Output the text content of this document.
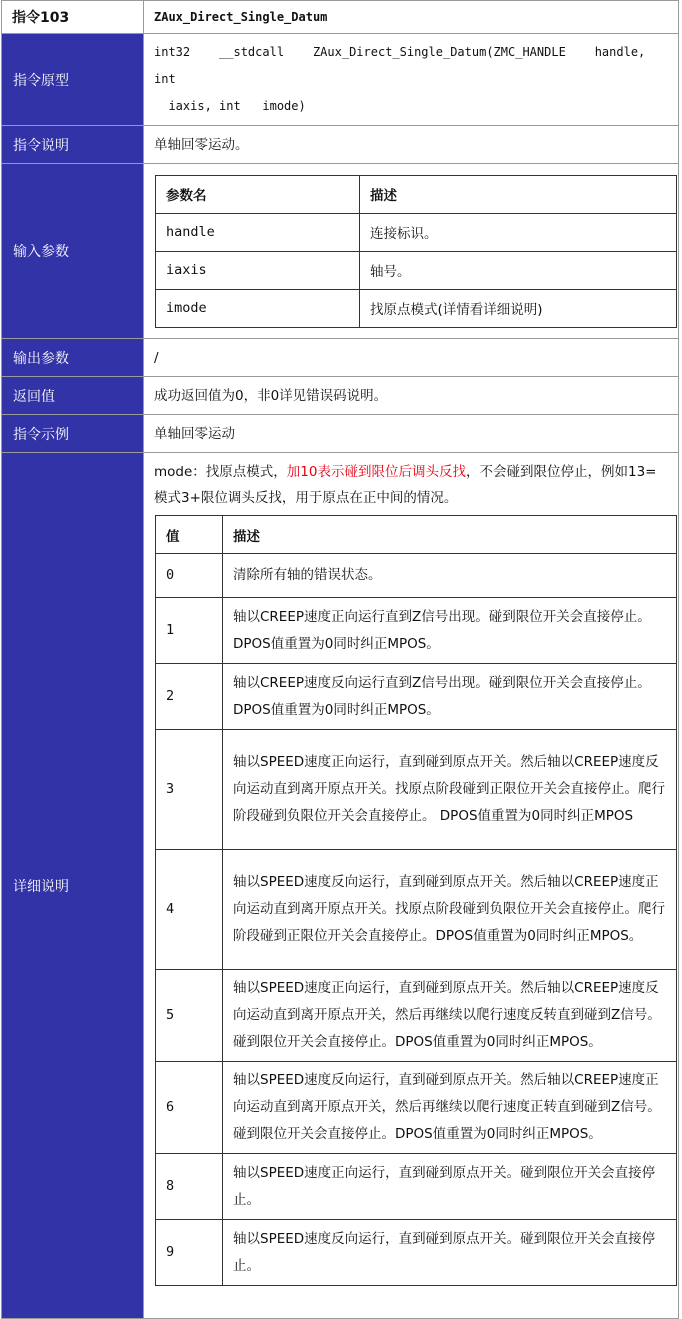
指令103	ZAux_Direct_Single_Datum
指令原型	int32    __stdcall    ZAux_Direct_Single_Datum(ZMC_HANDLE    handle, int
iaxis, int   imode)
指令说明	单轴回零运动。
输入参数	
参数名	描述
handle	连接标识。
iaxis	轴号。
imode	找原点模式(详情看详细说明)

输出参数	/
返回值	成功返回值为0，非0详见错误码说明。
指令示例	单轴回零运动
详细说明	
mode：找原点模式，加10表示碰到限位后调头反找，不会碰到限位停止，例如13=模式3+限位调头反找，用于原点在正中间的情况。
值	描述
0	清除所有轴的错误状态。
1	轴以CREEP速度正向运行直到Z信号出现。碰到限位开关会直接停止。DPOS值重置为0同时纠正MPOS。
2	轴以CREEP速度反向运行直到Z信号出现。碰到限位开关会直接停止。DPOS值重置为0同时纠正MPOS。
3	轴以SPEED速度正向运行，直到碰到原点开关。然后轴以CREEP速度反向运动直到离开原点开关。找原点阶段碰到正限位开关会直接停止。爬行阶段碰到负限位开关会直接停止。 DPOS值重置为0同时纠正MPOS
4	轴以SPEED速度反向运行，直到碰到原点开关。然后轴以CREEP速度正向运动直到离开原点开关。找原点阶段碰到负限位开关会直接停止。爬行阶段碰到正限位开关会直接停止。DPOS值重置为0同时纠正MPOS。
5	轴以SPEED速度正向运行，直到碰到原点开关。然后轴以CREEP速度反向运动直到离开原点开关，然后再继续以爬行速度反转直到碰到Z信号。 碰到限位开关会直接停止。DPOS值重置为0同时纠正MPOS。
6	轴以SPEED速度反向运行，直到碰到原点开关。然后轴以CREEP速度正向运动直到离开原点开关，然后再继续以爬行速度正转直到碰到Z信号。碰到限位开关会直接停止。DPOS值重置为0同时纠正MPOS。
8	轴以SPEED速度正向运行，直到碰到原点开关。碰到限位开关会直接停止。
9	轴以SPEED速度反向运行，直到碰到原点开关。碰到限位开关会直接停止。
